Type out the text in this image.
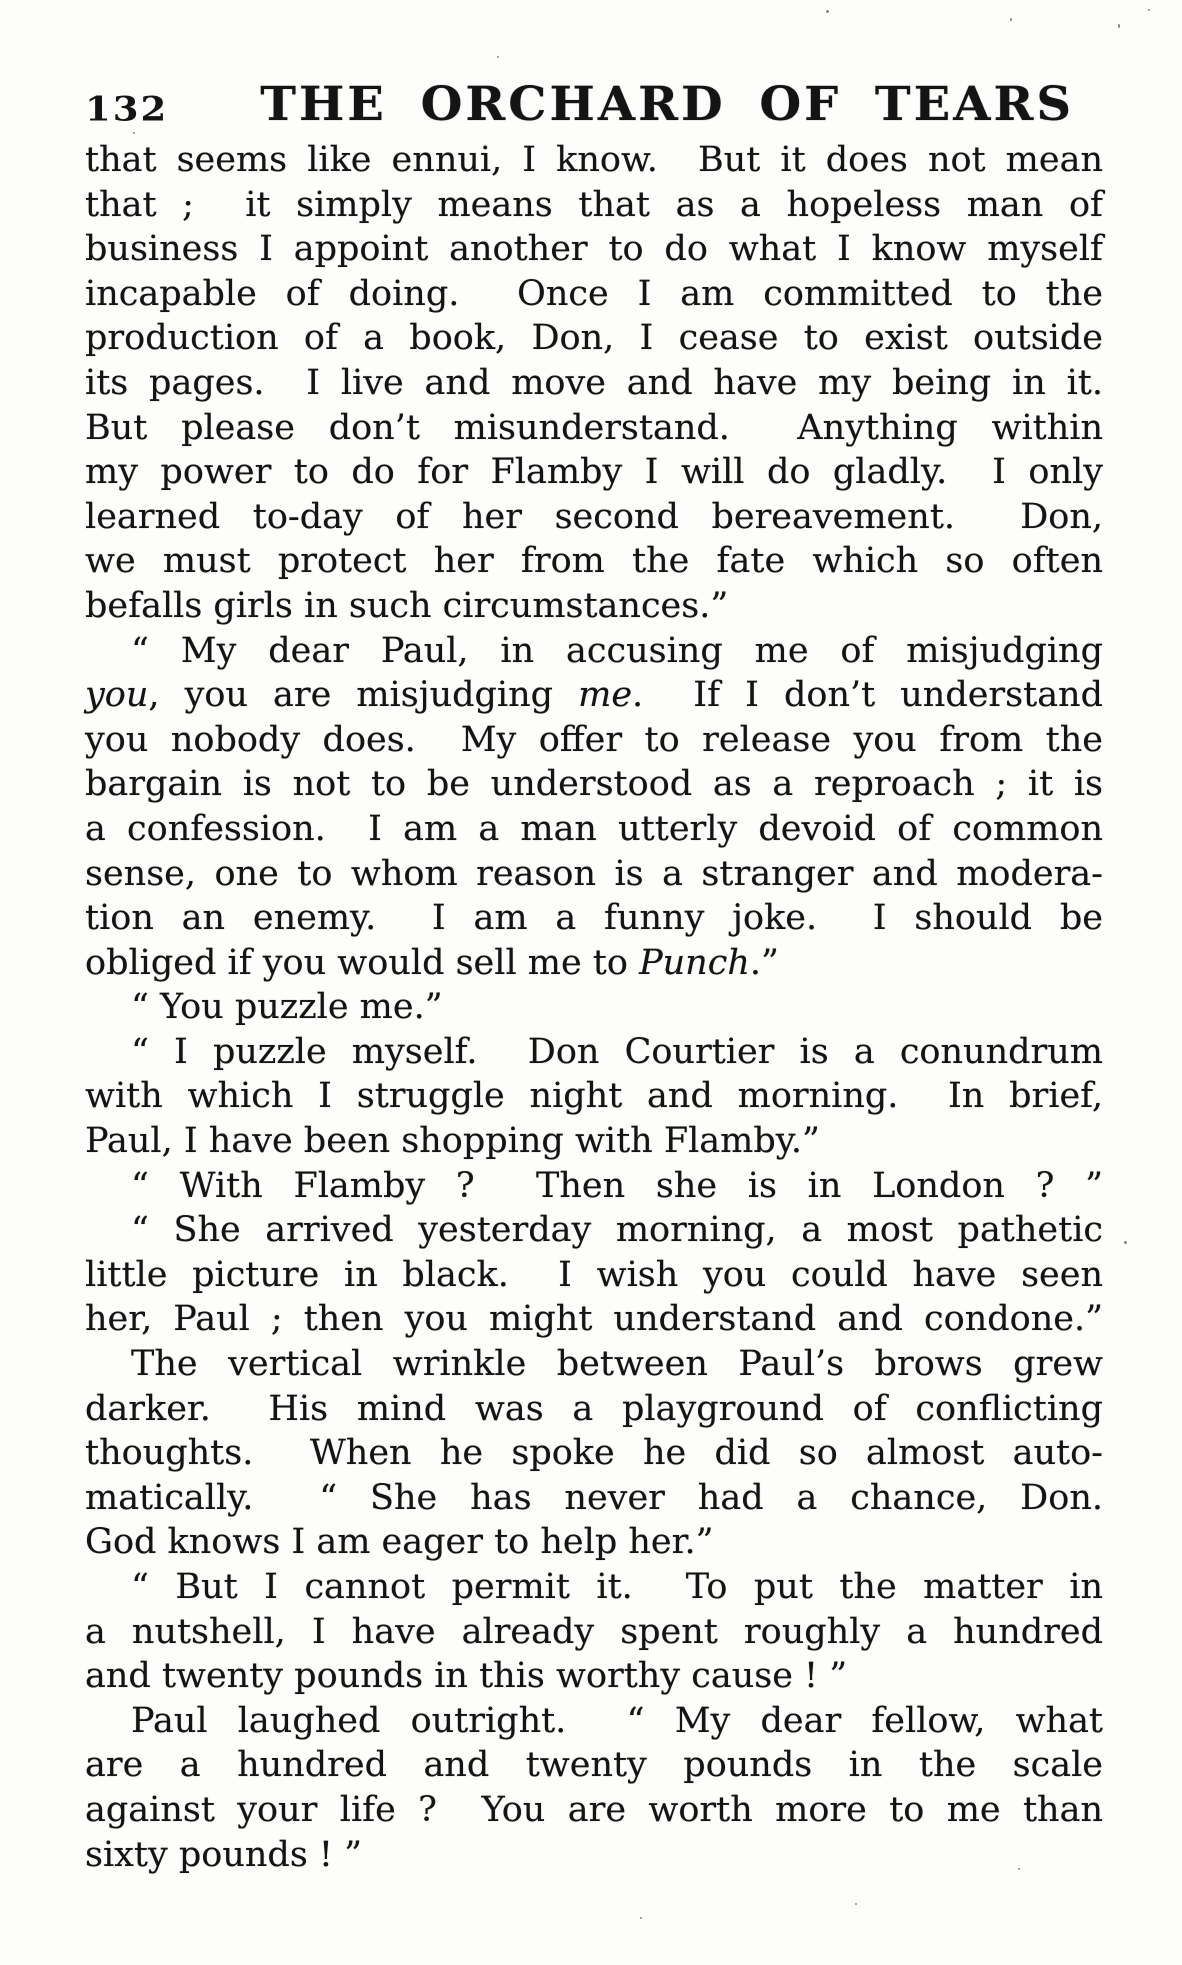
132 THE ORCHARD OF TEARS
that seems like ennui, I know.  But it does not mean
that ;  it simply means that as a hopeless man of
business I appoint another to do what I know myself
incapable of doing.  Once I am committed to the
production of a book, Don, I cease to exist outside
its pages.  I live and move and have my being in it.
But please don’t misunderstand.  Anything within
my power to do for Flamby I will do gladly.  I only
learned to-day of her second bereavement.  Don,
we must protect her from the fate which so often
befalls girls in such circumstances.”
“ My dear Paul, in accusing me of misjudging
you, you are misjudging me.  If I don’t understand
you nobody does.  My offer to release you from the
bargain is not to be understood as a reproach ; it is
a confession.  I am a man utterly devoid of common
sense, one to whom reason is a stranger and modera-
tion an enemy.  I am a funny joke.  I should be
obliged if you would sell me to Punch.”
“ You puzzle me.”
“ I puzzle myself.  Don Courtier is a conundrum
with which I struggle night and morning.  In brief,
Paul, I have been shopping with Flamby.”
“ With Flamby ?  Then she is in London ? ”
“ She arrived yesterday morning, a most pathetic
little picture in black.  I wish you could have seen
her, Paul ; then you might understand and condone.”
The vertical wrinkle between Paul’s brows grew
darker.  His mind was a playground of conflicting
thoughts.  When he spoke he did so almost auto-
matically.  “ She has never had a chance, Don.
God knows I am eager to help her.”
“ But I cannot permit it.  To put the matter in
a nutshell, I have already spent roughly a hundred
and twenty pounds in this worthy cause ! ”
Paul laughed outright.  “ My dear fellow, what
are a hundred and twenty pounds in the scale
against your life ?  You are worth more to me than
sixty pounds ! ”
